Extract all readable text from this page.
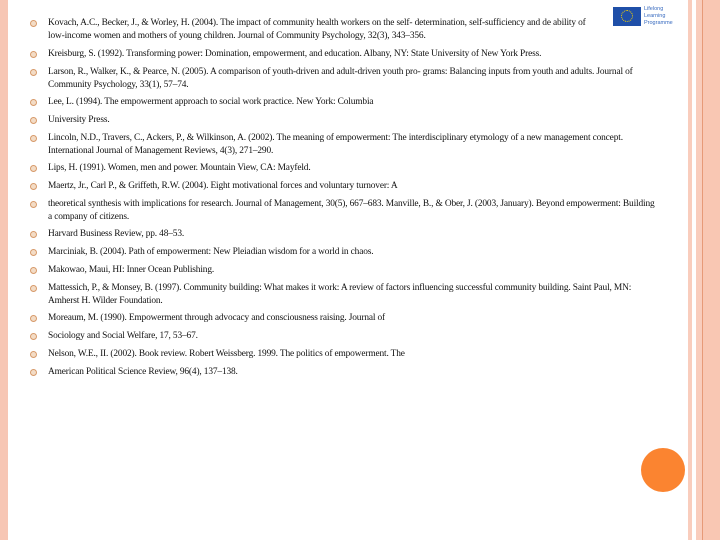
Lifelong
Learning
Programme
Kovach, A.C., Becker, J., & Worley, H. (2004). The impact of community health workers on the self- determination, self-sufficiency and de ability of low-income women and mothers of young children. Journal of Community Psychology, 32(3), 343–356.
Kreisburg, S. (1992). Transforming power: Domination, empowerment, and education. Albany, NY: State University of New York Press.
Larson, R., Walker, K., & Pearce, N. (2005). A comparison of youth-driven and adult-driven youth pro- grams: Balancing inputs from youth and adults. Journal of Community Psychology, 33(1), 57–74.
Lee, L. (1994). The empowerment approach to social work practice. New York: Columbia
University Press.
Lincoln, N.D., Travers, C., Ackers, P., & Wilkinson, A. (2002). The meaning of empowerment: The interdisciplinary etymology of a new management concept. International Journal of Management Reviews, 4(3), 271–290.
Lips, H. (1991). Women, men and power. Mountain View, CA: Mayfeld.
Maertz, Jr., Carl P., & Griffeth, R.W. (2004). Eight motivational forces and voluntary turnover: A
theoretical synthesis with implications for research. Journal of Management, 30(5), 667–683. Manville, B., & Ober, J. (2003, January). Beyond empowerment: Building a company of citizens.
Harvard Business Review, pp. 48–53.
Marciniak, B. (2004). Path of empowerment: New Pleiadian wisdom for a world in chaos.
Makowao, Maui, HI: Inner Ocean Publishing.
Mattessich, P., & Monsey, B. (1997). Community building: What makes it work: A review of factors influencing successful community building. Saint Paul, MN: Amherst H. Wilder Foundation.
Moreaum, M. (1990). Empowerment through advocacy and consciousness raising. Journal of
Sociology and Social Welfare, 17, 53–67.
Nelson, W.E., II. (2002). Book review. Robert Weissberg. 1999. The politics of empowerment. The
American Political Science Review, 96(4), 137–138.
